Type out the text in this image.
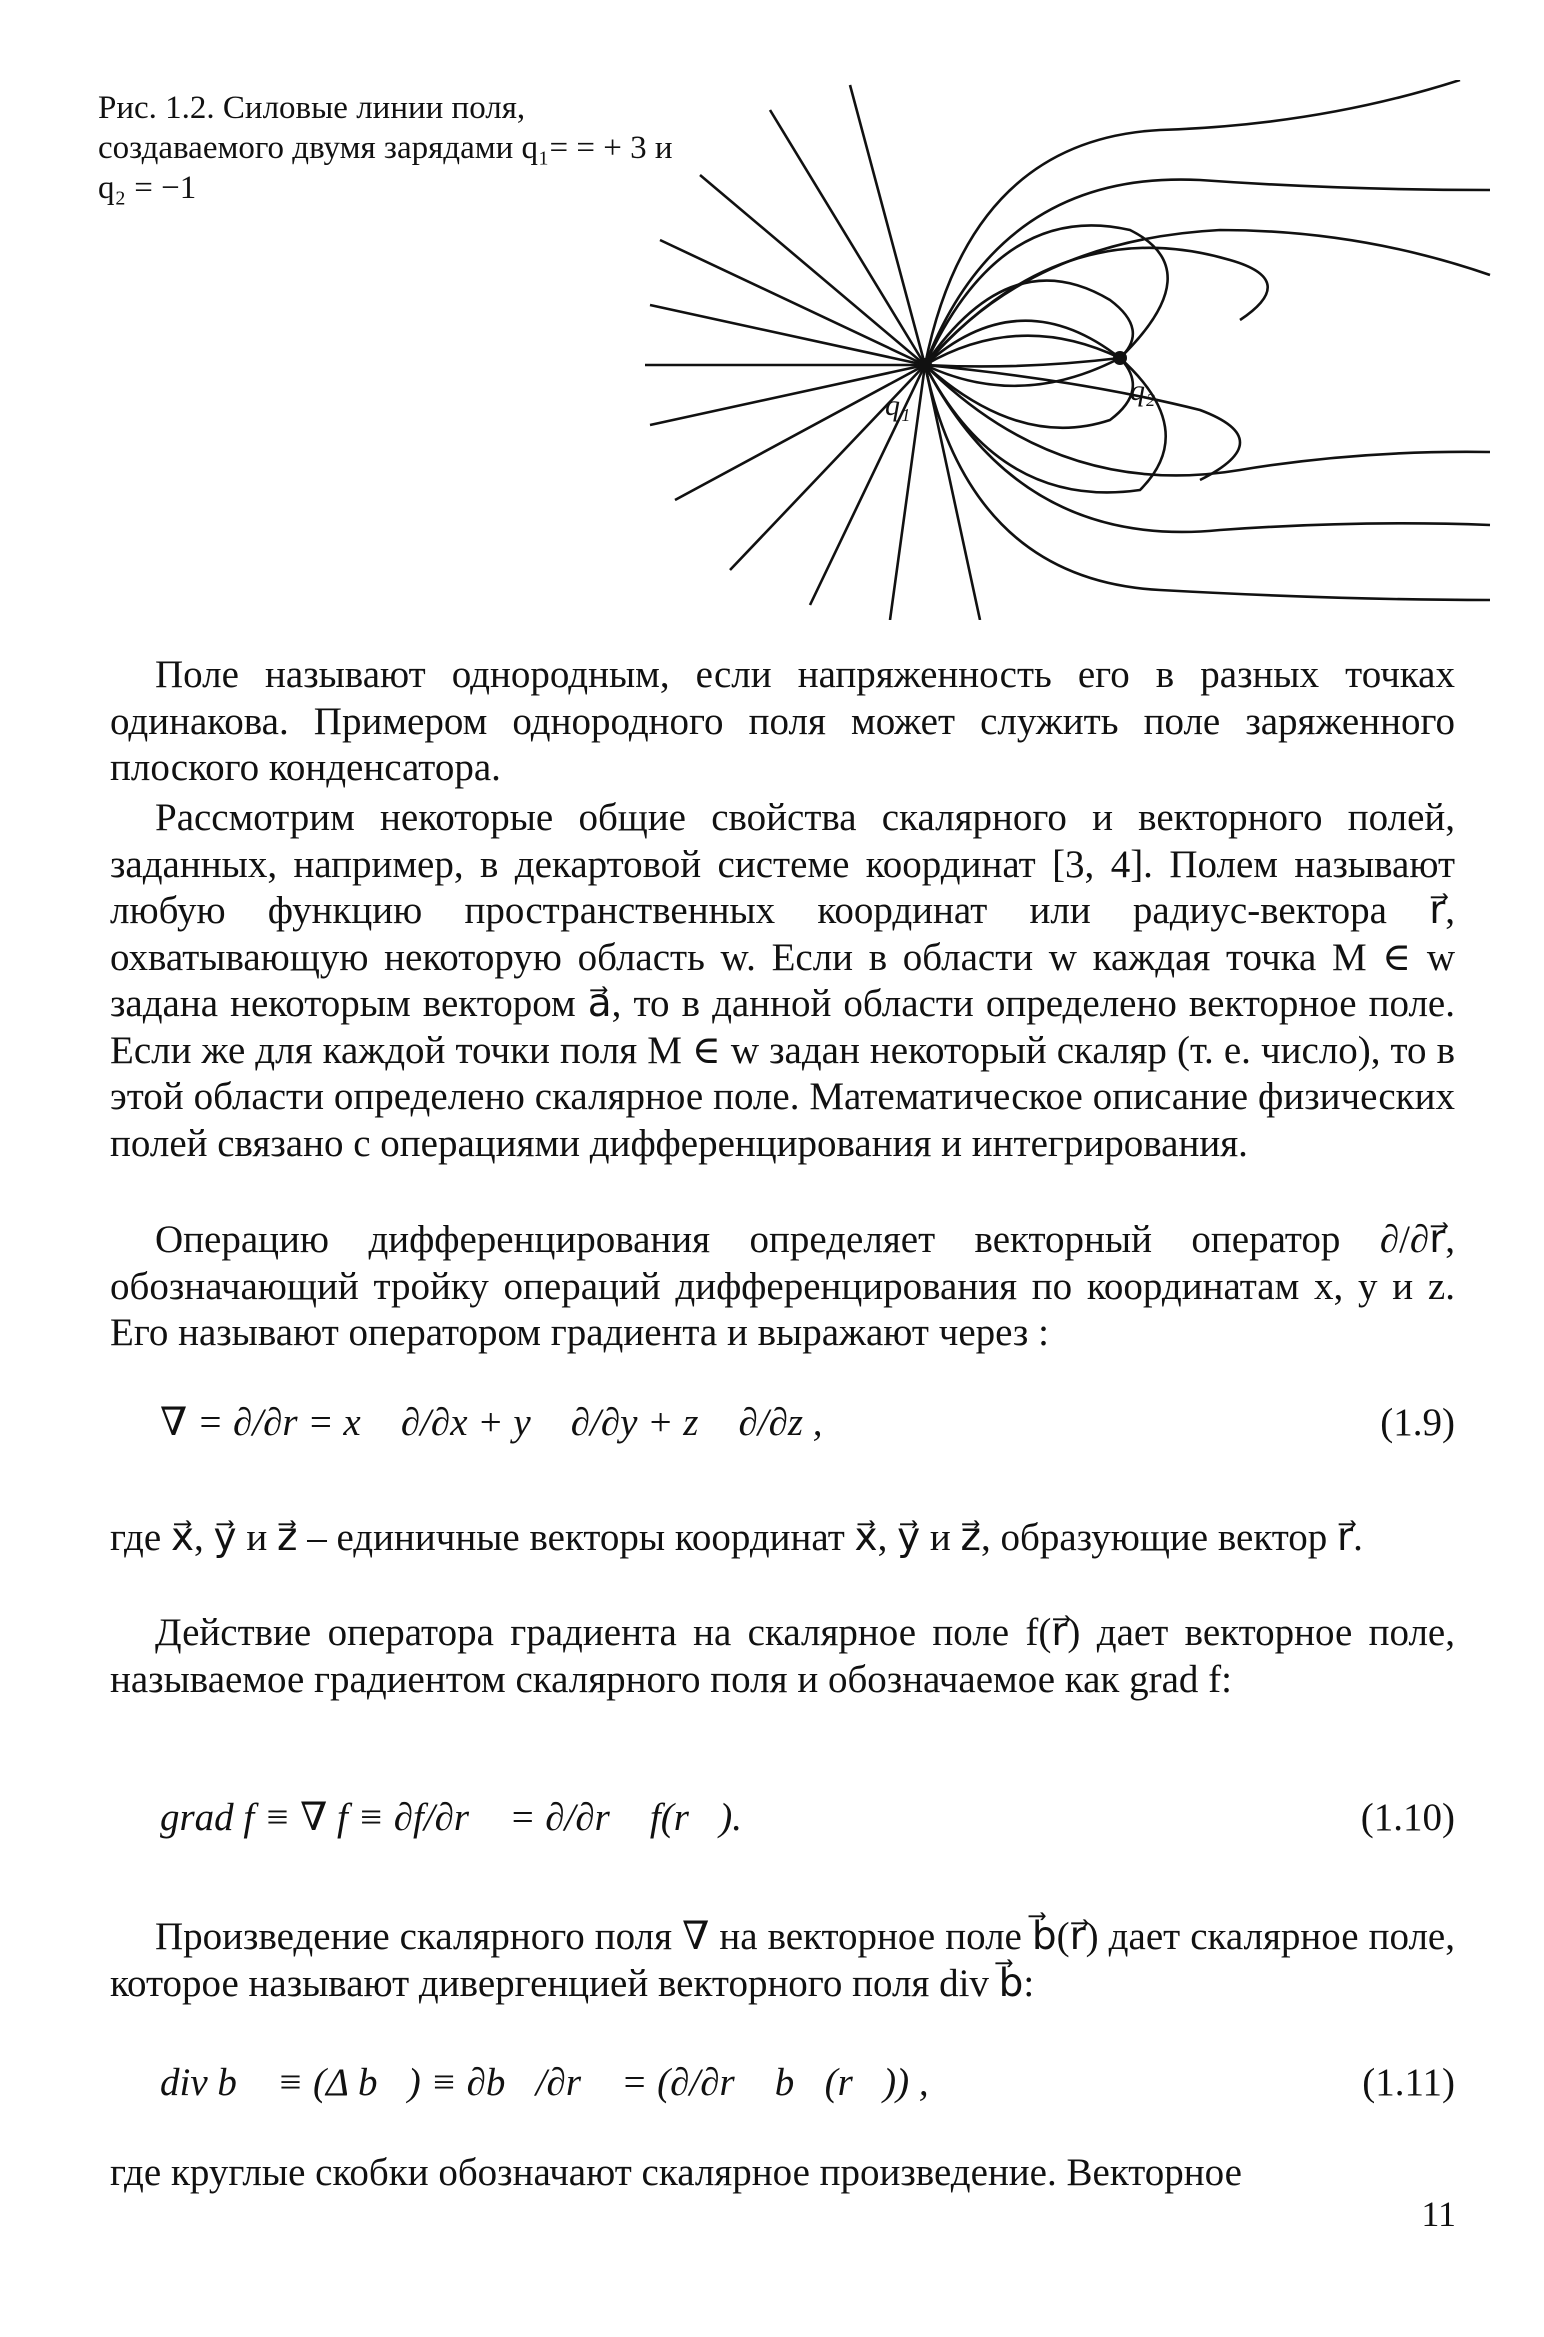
Рис. 1.2. Силовые линии поля, создаваемого двумя зарядами q₁= = + 3 и q₂ = −1
q₁	q₂
Поле называют однородным, если напряженность его в разных точках одинакова. Примером однородного поля может служить поле заряженного плоского конденсатора.
Рассмотрим некоторые общие свойства скалярного и векторного полей, заданных, например, в декартовой системе координат [3, 4]. Полем называют любую функцию пространственных координат или радиус-вектора r⃗, охватывающую некоторую область w. Если в области w каждая точка M ∈ w задана некоторым вектором a⃗, то в данной области определено векторное поле. Если же для каждой точки поля M ∈ w задан некоторый скаляр (т. е. число), то в этой области определено скалярное поле. Математическое описание физических полей связано с операциями дифференцирования и интегрирования.
Операцию дифференцирования определяет векторный оператор ∂/∂r⃗, обозначающий тройку операций дифференцирования по координатам x, y и z. Его называют оператором градиента и выражают через :
∇ = ∂/∂r = x⃗ ∂/∂x + y⃗ ∂/∂y + z⃗ ∂/∂z ,	(1.9)
где x⃗, y⃗ и z⃗ – единичные векторы координат x⃗, y⃗ и z⃗, образующие вектор r⃗.
Действие оператора градиента на скалярное поле f(r⃗) дает векторное поле, называемое градиентом скалярного поля и обозначаемое как grad f:
grad f ≡ ∇ f ≡ ∂f/∂r⃗ = ∂/∂r⃗ f(r⃗).	(1.10)
Произведение скалярного поля ∇ на векторное поле b⃗(r⃗) дает скалярное поле, которое называют дивергенцией векторного поля div b⃗:
div b⃗ ≡ (Δ b⃗) ≡ ∂b⃗/∂r⃗ = (∂/∂r⃗ b⃗(r⃗)) ,	(1.11)
где круглые скобки обозначают скалярное произведение. Векторное
11
